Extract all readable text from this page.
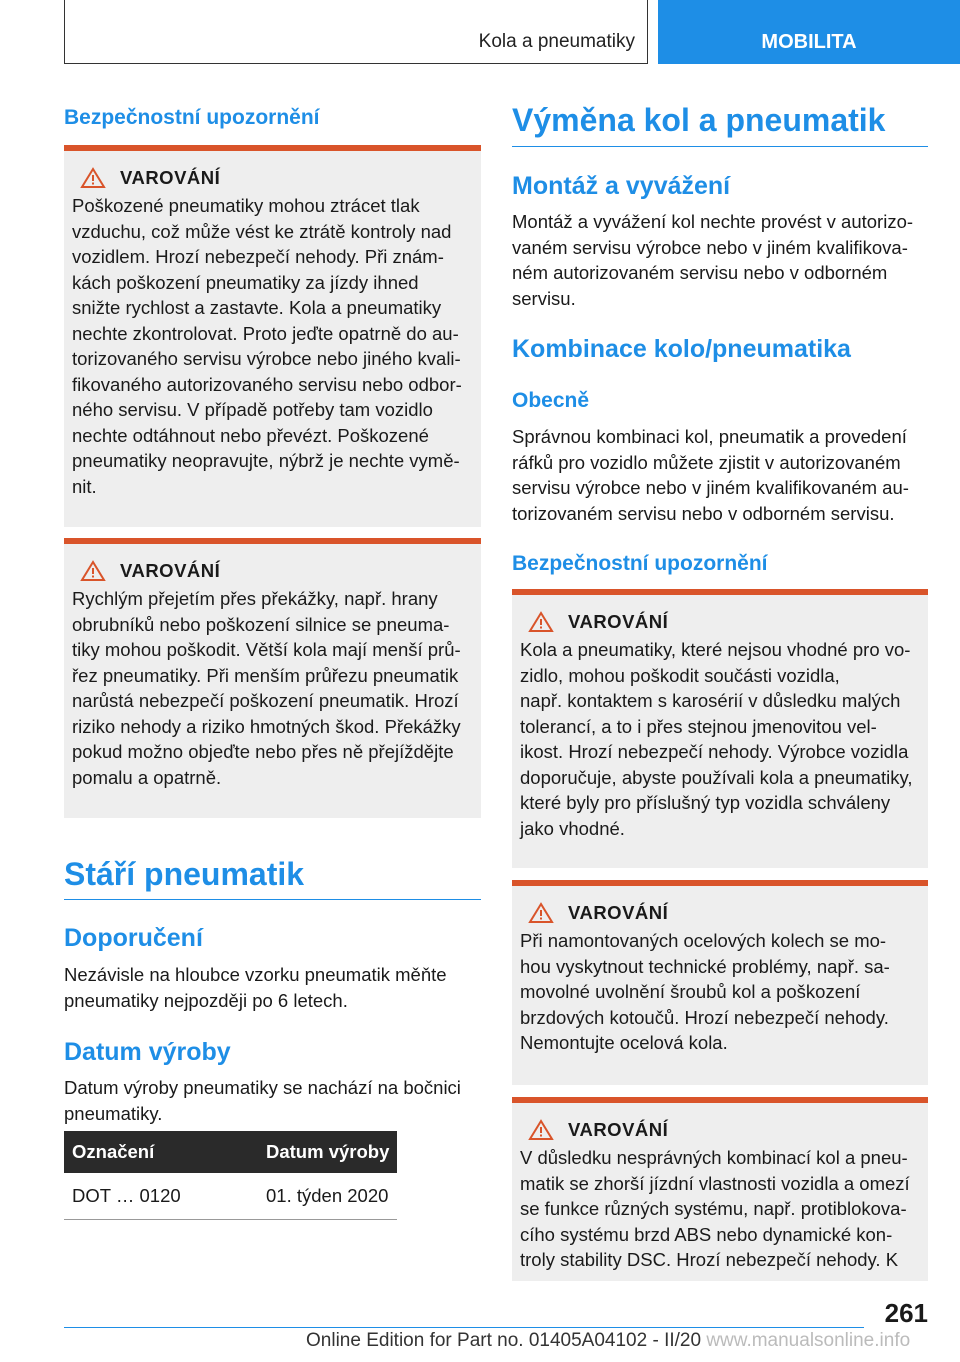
Kola a pneumatiky	MOBILITA
Bezpečnostní upozornění
VAROVÁNÍ
Poškozené pneumatiky mohou ztrácet tlak
vzduchu, což může vést ke ztrátě kontroly nad
vozidlem. Hrozí nebezpečí nehody. Při znám-
kách poškození pneumatiky za jízdy ihned
snižte rychlost a zastavte. Kola a pneumatiky
nechte zkontrolovat. Proto jeďte opatrně do au-
torizovaného servisu výrobce nebo jiného kvali-
fikovaného autorizovaného servisu nebo odbor-
ného servisu. V případě potřeby tam vozidlo
nechte odtáhnout nebo převézt. Poškozené
pneumatiky neopravujte, nýbrž je nechte vymě-
nit.
VAROVÁNÍ
Rychlým přejetím přes překážky, např. hrany
obrubníků nebo poškození silnice se pneuma-
tiky mohou poškodit. Větší kola mají menší prů-
řez pneumatiky. Při menším průřezu pneumatik
narůstá nebezpečí poškození pneumatik. Hrozí
riziko nehody a riziko hmotných škod. Překážky
pokud možno objeďte nebo přes ně přejíždějte
pomalu a opatrně.
Stáří pneumatik
Doporučení

Nezávisle na hloubce vzorku pneumatik měňte
pneumatiky nejpozději po 6 letech.

Datum výroby

Datum výroby pneumatiky se nachází na bočnici
pneumatiky.

Označení	Datum výroby
DOT … 0120	01. týden 2020
Výměna kol a pneumatik
Montáž a vyvážení

Montáž a vyvážení kol nechte provést v autorizo-
vaném servisu výrobce nebo v jiném kvalifikova-
ném autorizovaném servisu nebo v odborném
servisu.

Kombinace kolo/pneumatika
Obecně

Správnou kombinaci kol, pneumatik a provedení
ráfků pro vozidlo můžete zjistit v autorizovaném
servisu výrobce nebo v jiném kvalifikovaném au-
torizovaném servisu nebo v odborném servisu.

Bezpečnostní upozornění
VAROVÁNÍ
Kola a pneumatiky, které nejsou vhodné pro vo-
zidlo, mohou poškodit součásti vozidla,
např. kontaktem s karosérií v důsledku malých
tolerancí, a to i přes stejnou jmenovitou vel-
ikost. Hrozí nebezpečí nehody. Výrobce vozidla
doporučuje, abyste používali kola a pneumatiky,
které byly pro příslušný typ vozidla schváleny
jako vhodné.
VAROVÁNÍ
Při namontovaných ocelových kolech se mo-
hou vyskytnout technické problémy, např. sa-
movolné uvolnění šroubů kol a poškození
brzdových kotoučů. Hrozí nebezpečí nehody.
Nemontujte ocelová kola.
VAROVÁNÍ
V důsledku nesprávných kombinací kol a pneu-
matik se zhorší jízdní vlastnosti vozidla a omezí
se funkce různých systému, např. protiblokova-
cího systému brzd ABS nebo dynamické kon-
troly stability DSC. Hrozí nebezpečí nehody. K
261
Online Edition for Part no. 01405A04102 - II/20 www.manualsonline.info
